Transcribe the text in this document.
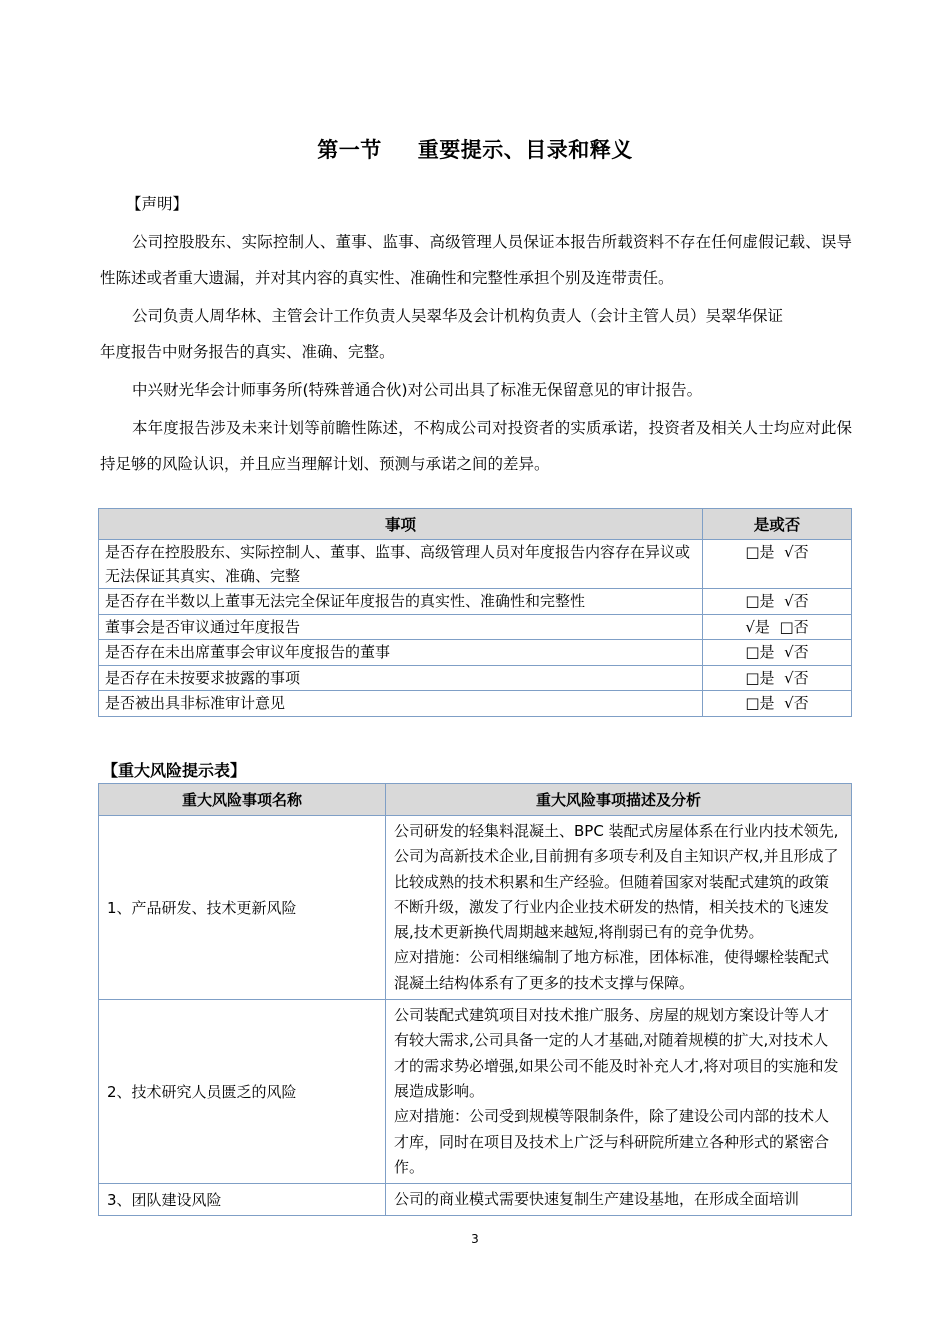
第一节 重要提示、目录和释义
【声明】
公司控股股东、实际控制人、董事、监事、高级管理人员保证本报告所载资料不存在任何虚假记载、误导性陈述或者重大遗漏，并对其内容的真实性、准确性和完整性承担个别及连带责任。
公司负责人周华林、主管会计工作负责人吴翠华及会计机构负责人（会计主管人员）吴翠华保证
年度报告中财务报告的真实、准确、完整。
中兴财光华会计师事务所(特殊普通合伙)对公司出具了标准无保留意见的审计报告。
本年度报告涉及未来计划等前瞻性陈述，不构成公司对投资者的实质承诺，投资者及相关人士均应对此保持足够的风险认识，并且应当理解计划、预测与承诺之间的差异。
事项	是或否
是否存在控股股东、实际控制人、董事、监事、高级管理人员对年度报告内容存在异议或无法保证其真实、准确、完整	□是  √否
是否存在半数以上董事无法完全保证年度报告的真实性、准确性和完整性	□是  √否
董事会是否审议通过年度报告	√是  □否
是否存在未出席董事会审议年度报告的董事	□是  √否
是否存在未按要求披露的事项	□是  √否
是否被出具非标准审计意见	□是  √否
【重大风险提示表】
重大风险事项名称	重大风险事项描述及分析
1、产品研发、技术更新风险	公司研发的轻集料混凝土、BPC 装配式房屋体系在行业内技术领先,公司为高新技术企业,目前拥有多项专利及自主知识产权,并且形成了比较成熟的技术积累和生产经验。但随着国家对装配式建筑的政策不断升级，激发了行业内企业技术研发的热情，相关技术的飞速发展,技术更新换代周期越来越短,将削弱已有的竞争优势。
应对措施：公司相继编制了地方标准，团体标准，使得螺栓装配式混凝土结构体系有了更多的技术支撑与保障。

2、技术研究人员匮乏的风险	公司装配式建筑项目对技术推广服务、房屋的规划方案设计等人才有较大需求,公司具备一定的人才基础,对随着规模的扩大,对技术人才的需求势必增强,如果公司不能及时补充人才,将对项目的实施和发展造成影响。
应对措施：公司受到规模等限制条件，除了建设公司内部的技术人才库，同时在项目及技术上广泛与科研院所建立各种形式的紧密合作。

3、团队建设风险	公司的商业模式需要快速复制生产建设基地，在形成全面培训
3
